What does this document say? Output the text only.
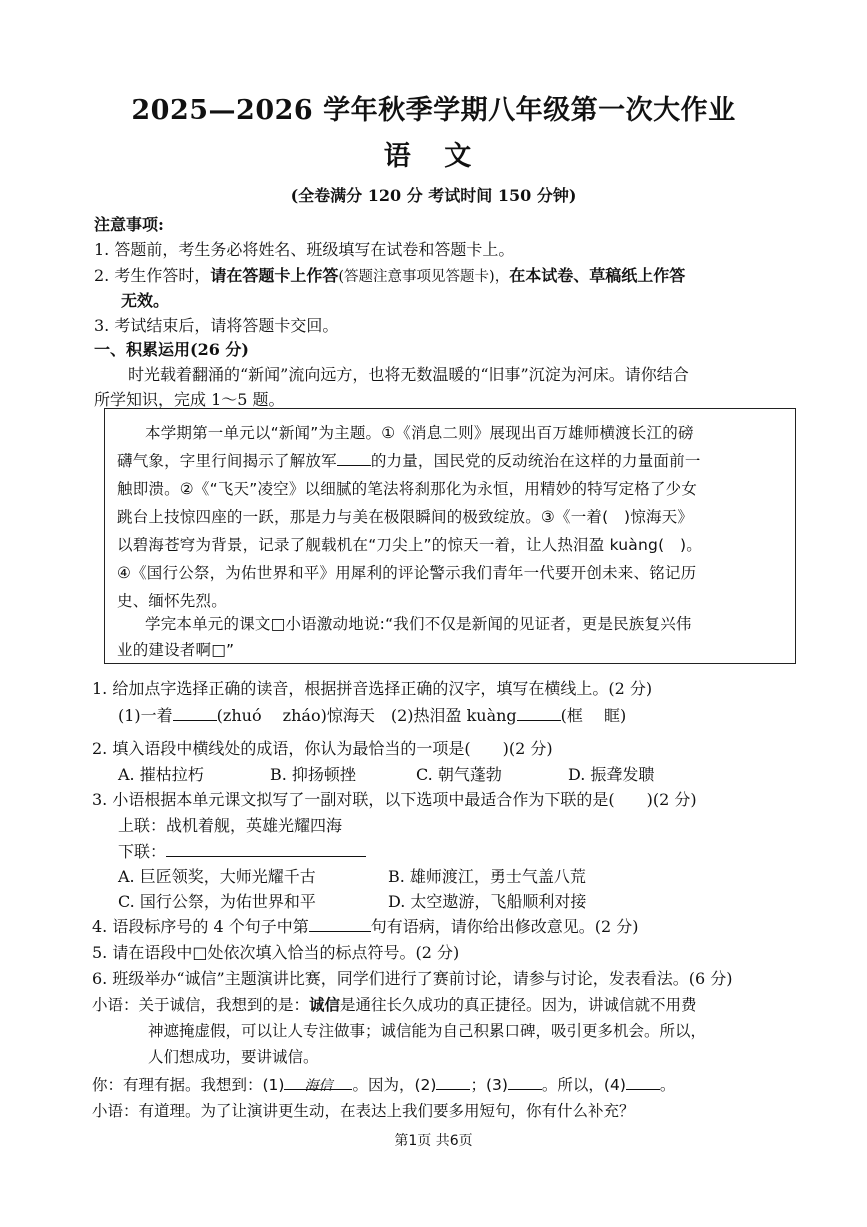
2025—2026 学年秋季学期八年级第一次大作业
语 文
(全卷满分 120 分 考试时间 150 分钟)
注意事项:
1. 答题前，考生务必将姓名、班级填写在试卷和答题卡上。
2. 考生作答时，请在答题卡上作答(答题注意事项见答题卡)，在本试卷、草稿纸上作答
无效。
3. 考试结束后，请将答题卡交回。
一、积累运用(26 分)
时光载着翻涌的“新闻”流向远方，也将无数温暖的“旧事”沉淀为河床。请你结合
所学知识，完成 1～5 题。
本学期第一单元以“新闻”为主题。①《消息二则》展现出百万雄师横渡长江的磅
礴气象，字里行间揭示了解放军 的力量，国民党的反动统治在这样的力量面前一
触即溃。②《“飞天”凌空》以细腻的笔法将刹那化为永恒，用精妙的特写定格了少女
跳台上技惊四座的一跃，那是力与美在极限瞬间的极致绽放。③《一着(　)惊海天》
以碧海苍穹为背景，记录了舰载机在“刀尖上”的惊天一着，让人热泪盈 kuàng(　)。
④《国行公祭，为佑世界和平》用犀利的评论警示我们青年一代要开创未来、铭记历
史、缅怀先烈。
学完本单元的课文□小语激动地说:“我们不仅是新闻的见证者，更是民族复兴伟
业的建设者啊□”
1. 给加点字选择正确的读音，根据拼音选择正确的汉字，填写在横线上。(2 分)
(1)一着	(zhuó　 zháo)惊海天　(2)热泪盈 kuàng	(框　 眶)
2. 填入语段中横线处的成语，你认为最恰当的一项是(　　)(2 分)
A. 摧枯拉朽	B. 抑扬顿挫	C. 朝气蓬勃	D. 振聋发聩
3. 小语根据本单元课文拟写了一副对联，以下选项中最适合作为下联的是(　　)(2 分)
上联：战机着舰，英雄光耀四海
下联：
A. 巨匠领奖，大师光耀千古	B. 雄师渡江，勇士气盖八荒
C. 国行公祭，为佑世界和平	D. 太空遨游，飞船顺利对接
4. 语段标序号的 4 个句子中第	句有语病，请你给出修改意见。(2 分)
5. 请在语段中□处依次填入恰当的标点符号。(2 分)
6. 班级举办“诚信”主题演讲比赛，同学们进行了赛前讨论，请参与讨论，发表看法。(6 分)
小语：关于诚信，我想到的是：诚信是通往长久成功的真正捷径。因为，讲诚信就不用费
神遮掩虚假，可以让人专注做事；诚信能为自己积累口碑，吸引更多机会。所以，
人们想成功，要讲诚信。
你：有理有据。我想到：(1) 海信 。因为，(2) ；(3) 。所以，(4) 。
小语：有道理。为了让演讲更生动，在表达上我们要多用短句，你有什么补充？
第1页 共6页
